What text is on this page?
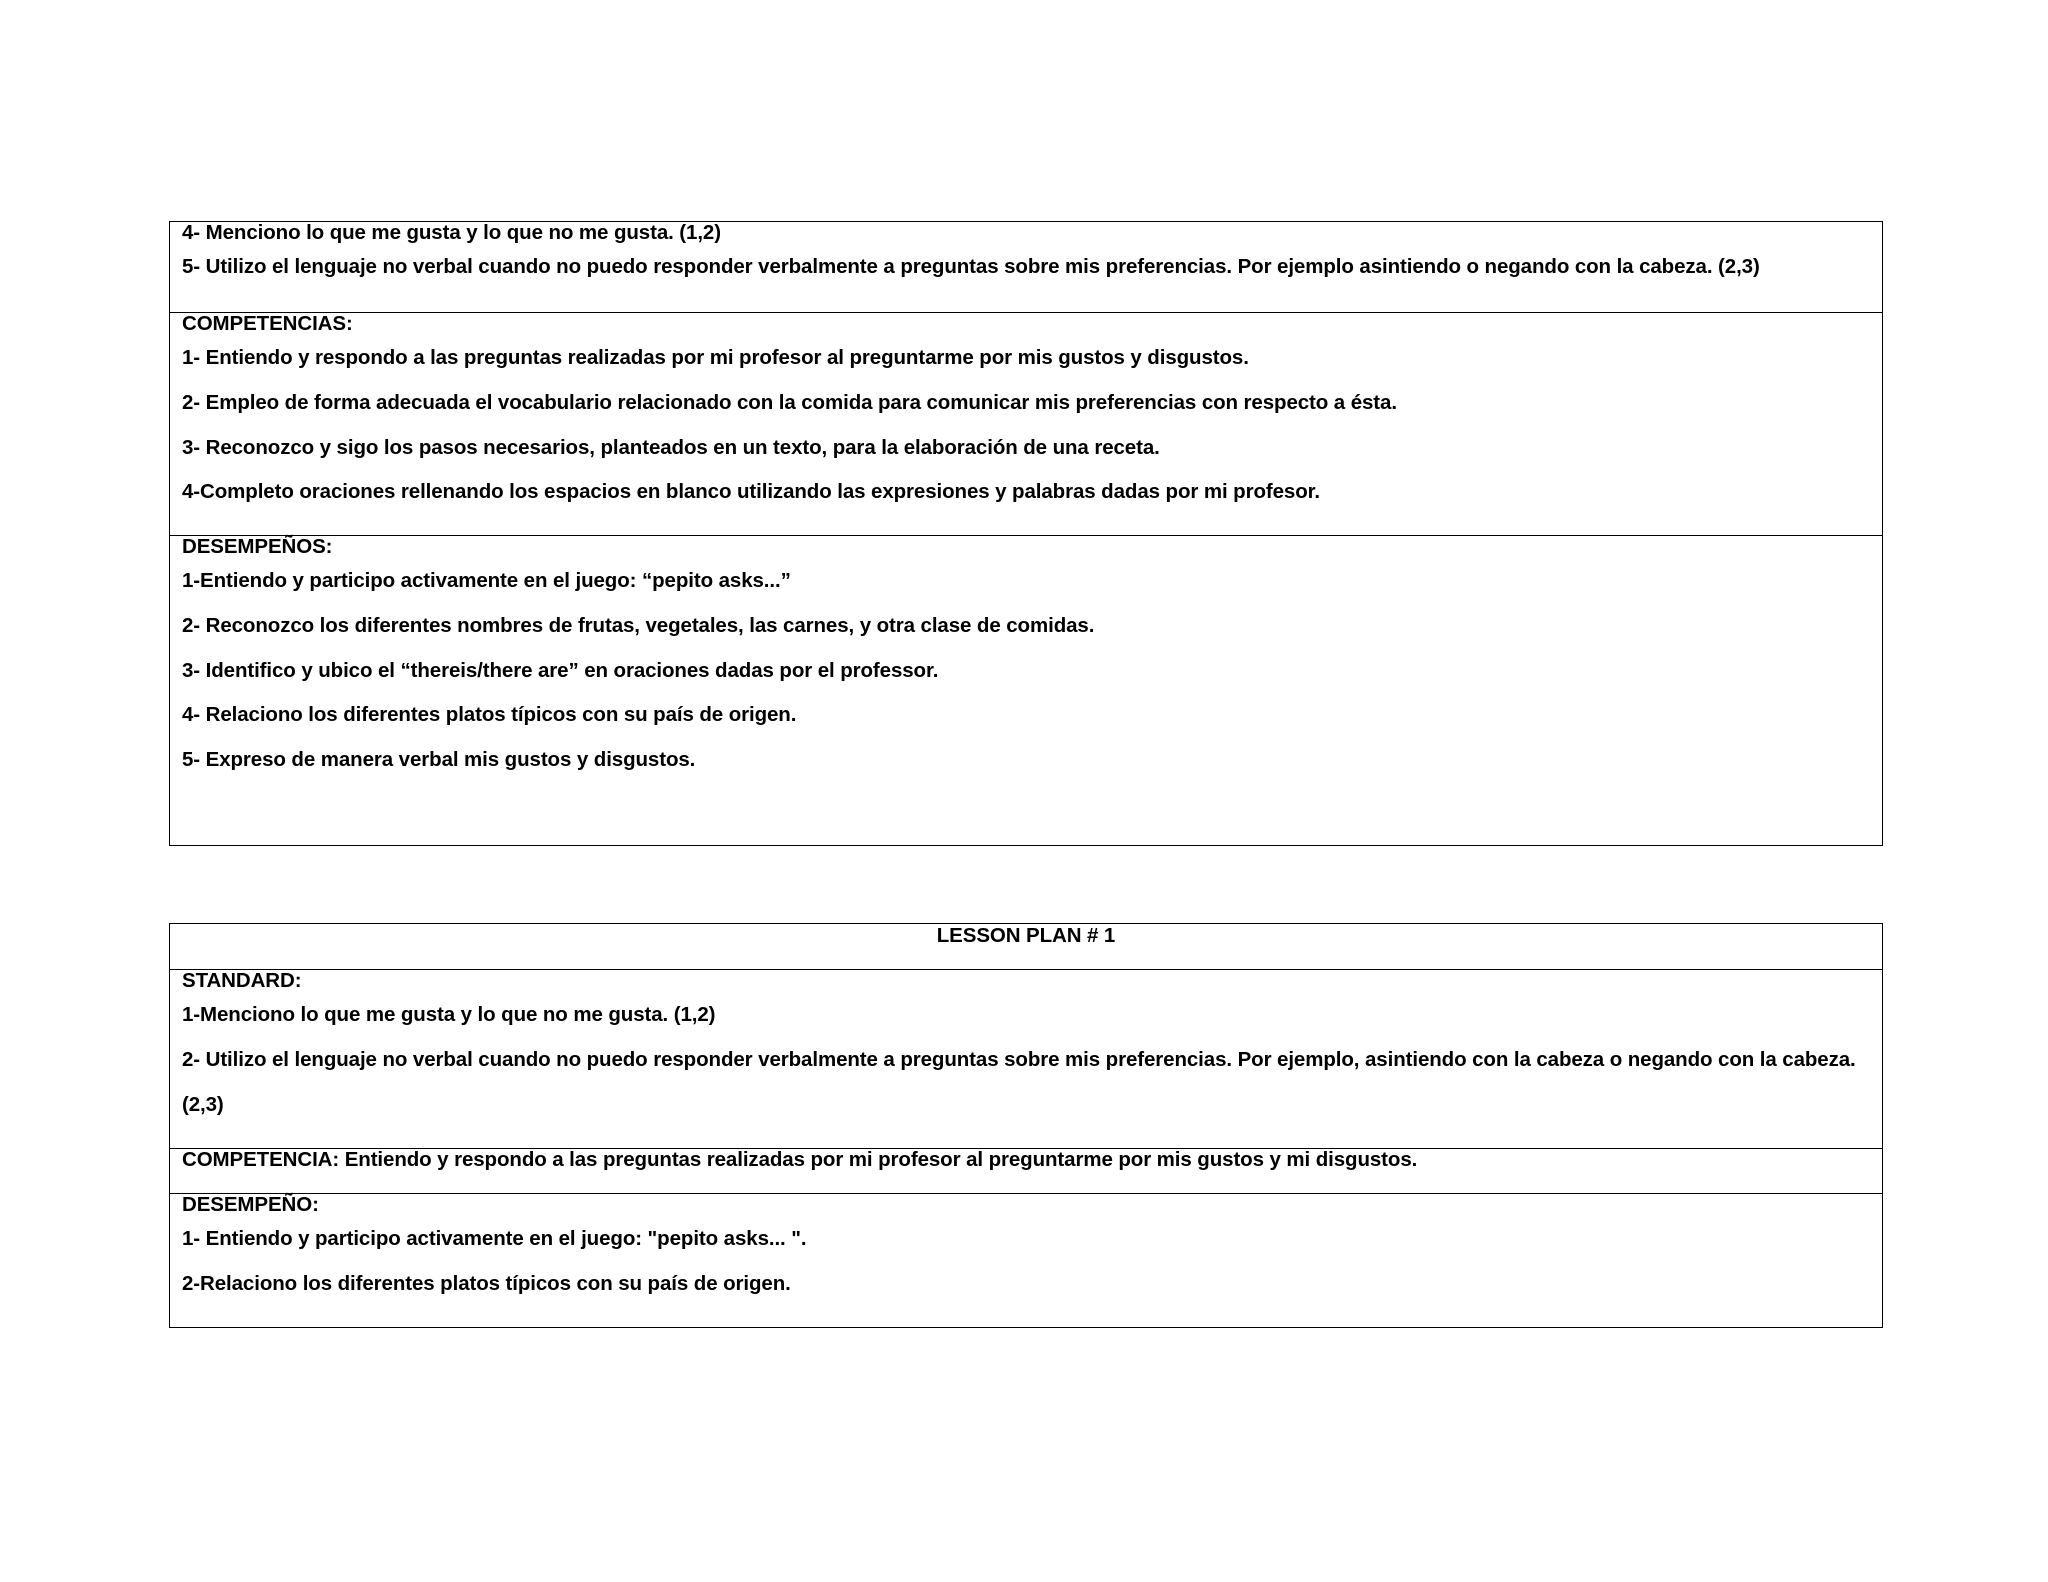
4- Menciono lo que me gusta y lo que no me gusta. (1,2)
5- Utilizo el lenguaje no verbal cuando no puedo responder verbalmente a preguntas sobre mis preferencias. Por ejemplo asintiendo o negando con la cabeza. (2,3)
COMPETENCIAS:
1- Entiendo y respondo a las preguntas realizadas por mi profesor al preguntarme por mis gustos y disgustos.
2- Empleo de forma adecuada el vocabulario relacionado con la comida para comunicar mis preferencias con respecto a ésta.
3- Reconozco y sigo los pasos necesarios, planteados en un texto, para la elaboración de una receta.
4-Completo oraciones rellenando los espacios en blanco utilizando las expresiones y palabras dadas por mi profesor.
DESEMPEÑOS:
1-Entiendo y participo activamente en el juego: “pepito asks...”
2- Reconozco los diferentes nombres de frutas, vegetales, las carnes, y otra clase de comidas.
3- Identifico y ubico el “thereis/there are” en oraciones dadas por el professor.
4- Relaciono los diferentes platos típicos con su país de origen.
5- Expreso de manera verbal mis gustos y disgustos.
LESSON PLAN # 1
STANDARD:
1-Menciono lo que me gusta y lo que no me gusta. (1,2)
2- Utilizo el lenguaje no verbal cuando no puedo responder verbalmente a preguntas sobre mis preferencias. Por ejemplo, asintiendo con la cabeza o negando con la cabeza.
(2,3)
COMPETENCIA: Entiendo y respondo a las preguntas realizadas por mi profesor al preguntarme por mis gustos y mi disgustos.
DESEMPEÑO:
1- Entiendo y participo activamente en el juego: "pepito asks... ".
2-Relaciono los diferentes platos típicos con su país de origen.
